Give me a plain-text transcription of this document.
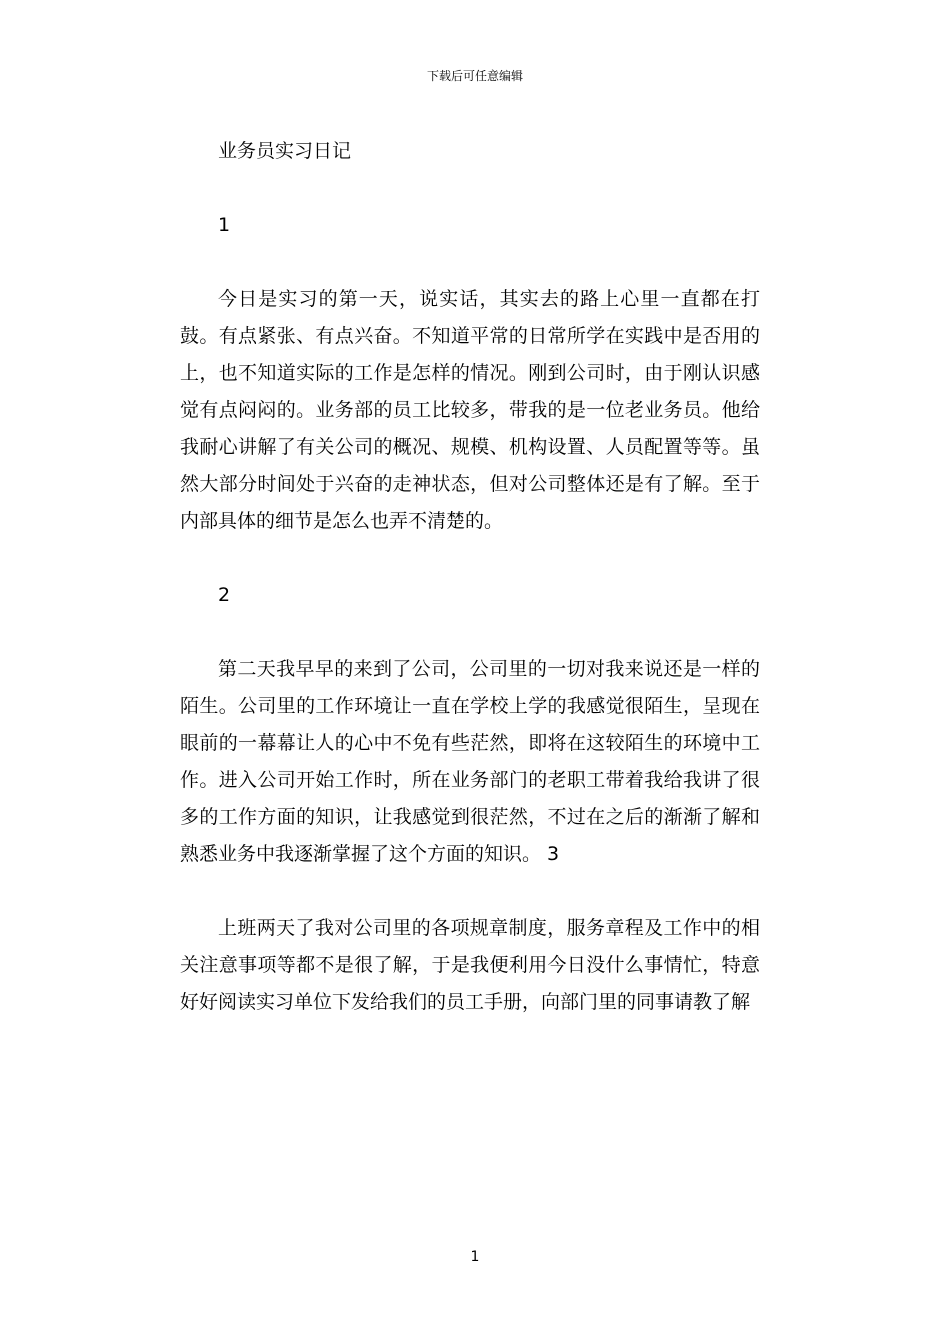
下载后可任意编辑

业务员实习日记

1

今日是实习的第一天，说实话，其实去的路上心里一直都在打鼓。有点紧张、有点兴奋。不知道平常的日常所学在实践中是否用的上，也不知道实际的工作是怎样的情况。刚到公司时，由于刚认识感觉有点闷闷的。业务部的员工比较多，带我的是一位老业务员。他给我耐心讲解了有关公司的概况、规模、机构设置、人员配置等等。虽然大部分时间处于兴奋的走神状态，但对公司整体还是有了解。至于内部具体的细节是怎么也弄不清楚的。

2

第二天我早早的来到了公司，公司里的一切对我来说还是一样的陌生。公司里的工作环境让一直在学校上学的我感觉很陌生，呈现在眼前的一幕幕让人的心中不免有些茫然，即将在这较陌生的环境中工作。进入公司开始工作时，所在业务部门的老职工带着我给我讲了很多的工作方面的知识，让我感觉到很茫然，不过在之后的渐渐了解和熟悉业务中我逐渐掌握了这个方面的知识。 3

上班两天了我对公司里的各项规章制度，服务章程及工作中的相关注意事项等都不是很了解，于是我便利用今日没什么事情忙，特意好好阅读实习单位下发给我们的员工手册，向部门里的同事请教了解

1
